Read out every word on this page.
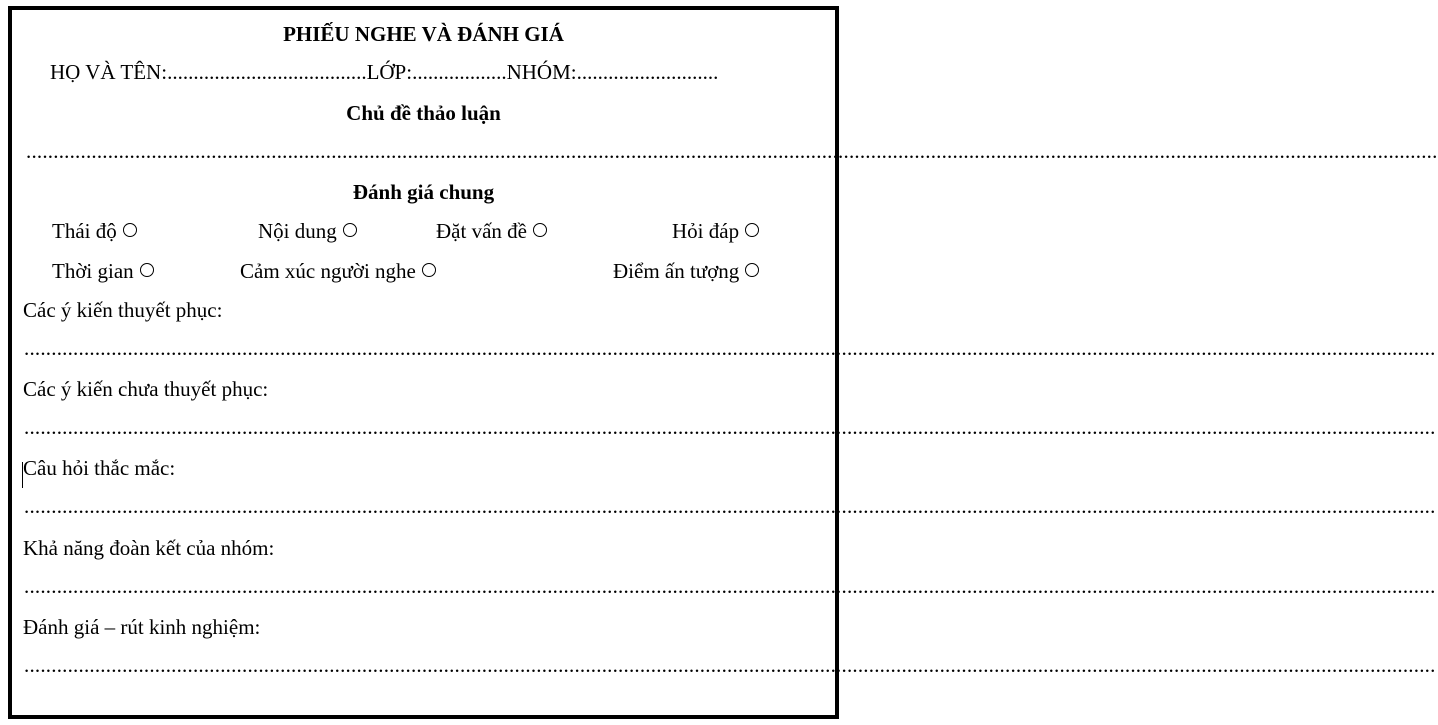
PHIẾU NGHE VÀ ĐÁNH GIÁ
HỌ VÀ TÊN:......................................LỚP:..................NHÓM:...........................
Chủ đề thảo luận
...................................................................................................................................................................................................................................................................
Đánh giá chung
Thái độ	Nội dung	Đặt vấn đề	Hỏi đáp
Thời gian	Cảm xúc người nghe	Điểm ấn tượng
Các ý kiến thuyết phục:
...................................................................................................................................................................................................................................................................
Các ý kiến chưa thuyết phục:
...................................................................................................................................................................................................................................................................
Câu hỏi thắc mắc:
...................................................................................................................................................................................................................................................................
Khả năng đoàn kết của nhóm:
...................................................................................................................................................................................................................................................................
Đánh giá – rút kinh nghiệm:
...................................................................................................................................................................................................................................................................
